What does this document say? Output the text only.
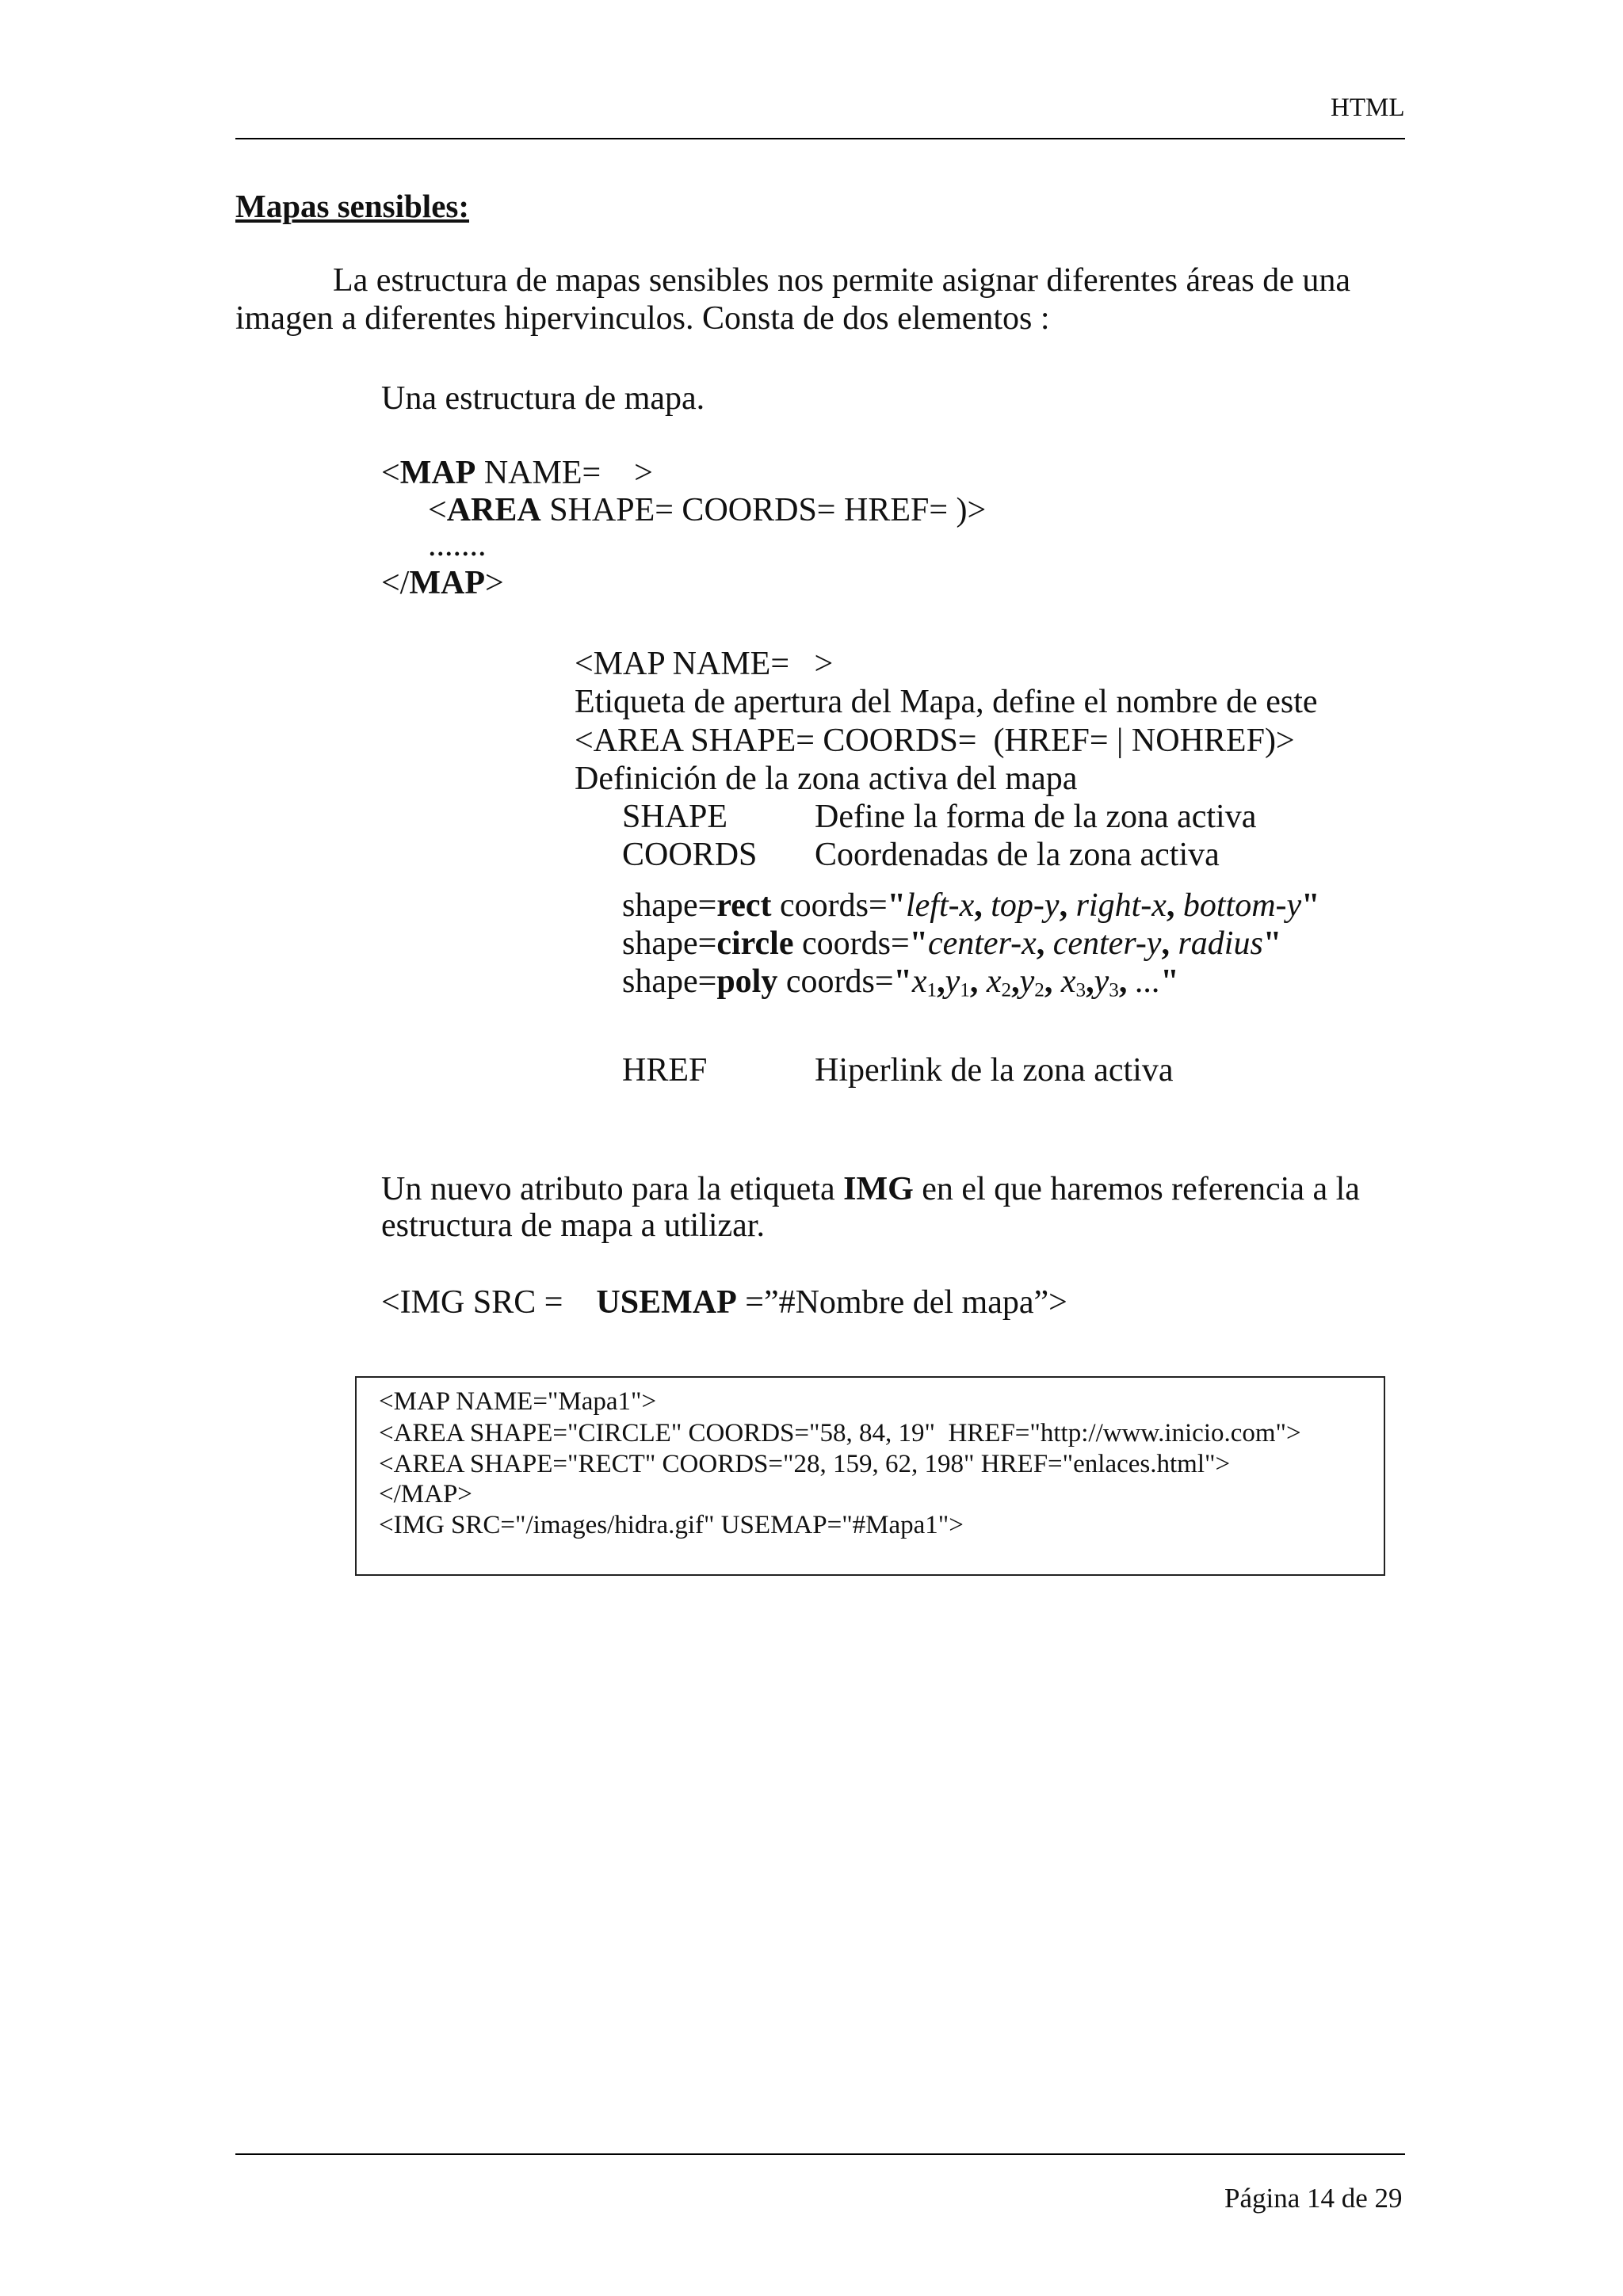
HTML
Mapas sensibles:
La estructura de mapas sensibles nos permite asignar diferentes áreas de una
imagen a diferentes hipervinculos. Consta de dos elementos :
Una estructura de mapa.
<MAP NAME=    >
<AREA SHAPE= COORDS= HREF= )>
.......
</MAP>
<MAP NAME=   >
Etiqueta de apertura del Mapa, define el nombre de este
<AREA SHAPE= COORDS=  (HREF= | NOHREF)>
Definición de la zona activa del mapa
SHAPE	Define la forma de la zona activa
COORDS Coordenadas de la zona activa
shape=rect coords="left-x, top-y, right-x, bottom-y"
shape=circle coords="center-x, center-y, radius"
shape=poly $coords="x_1,y_1$, $x_2,y_2$, $x_3,y_3$, ..."
HREF	Hiperlink de la zona activa
Un nuevo atributo para la etiqueta IMG en el que haremos referencia a la
estructura de mapa a utilizar.
<IMG SRC =    USEMAP =”#Nombre del mapa”>
<MAP NAME="Mapa1">
<AREA SHAPE="CIRCLE" COORDS="58, 84, 19"  HREF="http://www.inicio.com">
<AREA SHAPE="RECT" COORDS="28, 159, 62, 198" HREF="enlaces.html">
</MAP>
<IMG SRC="/images/hidra.gif" USEMAP="#Mapa1">
Página 14 de 29
